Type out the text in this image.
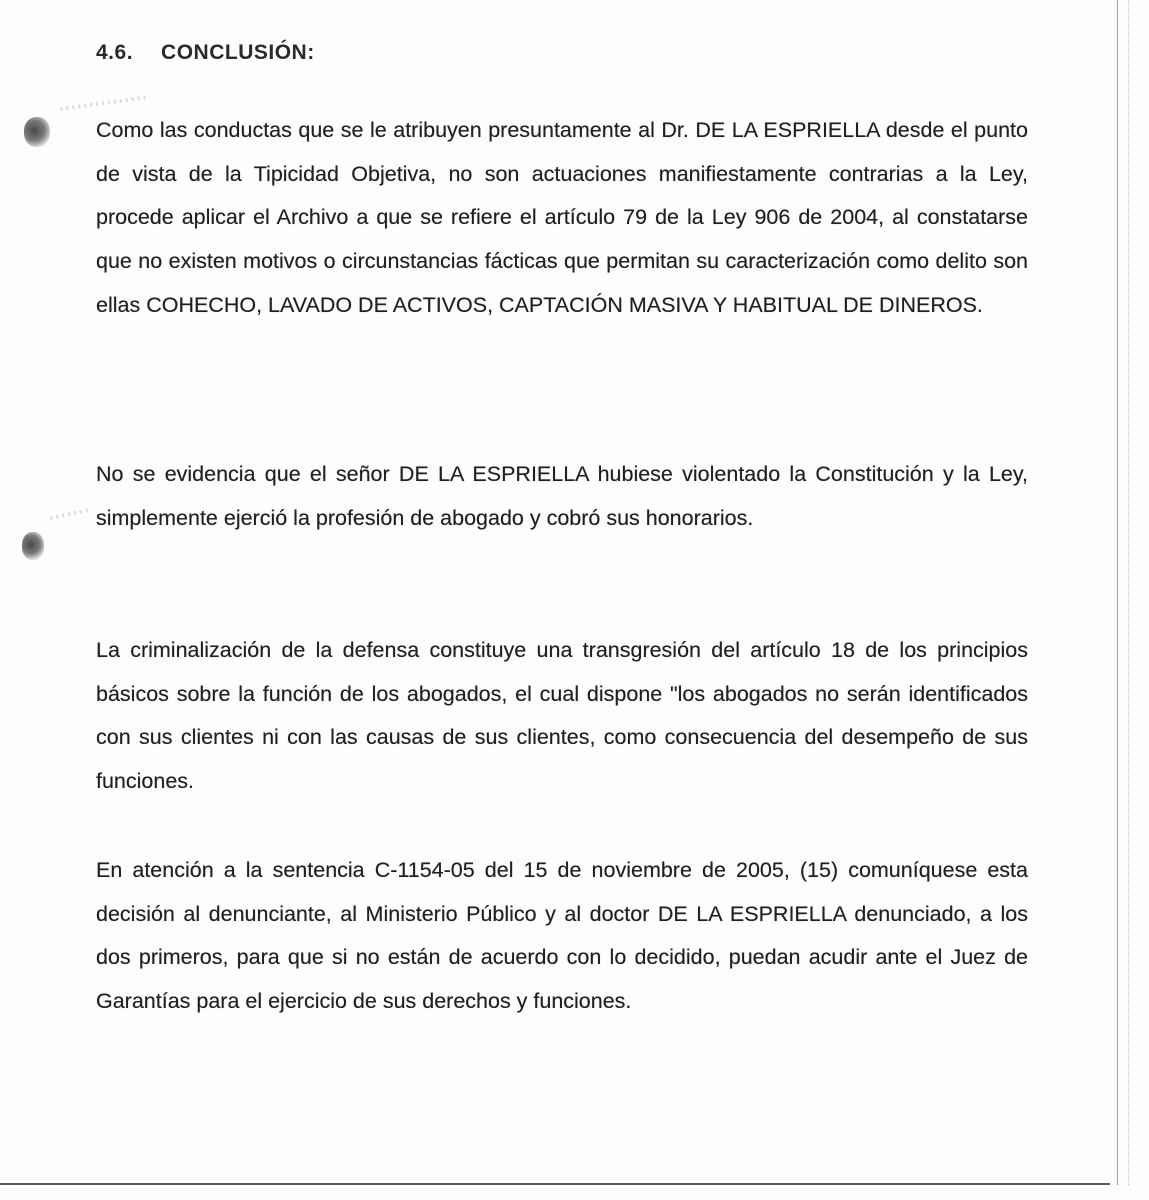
4.6. CONCLUSIÓN:

Como las conductas que se le atribuyen presuntamente al Dr. DE LA ESPRIELLA desde el punto de vista de la Tipicidad Objetiva, no son actuaciones manifiestamente contrarias a la Ley, procede aplicar el Archivo a que se refiere el artículo 79 de la Ley 906 de 2004, al constatarse que no existen motivos o circunstancias fácticas que permitan su caracterización como delito son ellas COHECHO, LAVADO DE ACTIVOS, CAPTACIÓN MASIVA Y HABITUAL DE DINEROS.

No se evidencia que el señor DE LA ESPRIELLA hubiese violentado la Constitución y la Ley, simplemente ejerció la profesión de abogado y cobró sus honorarios.

La criminalización de la defensa constituye una transgresión del artículo 18 de los principios básicos sobre la función de los abogados, el cual dispone "los abogados no serán identificados con sus clientes ni con las causas de sus clientes, como consecuencia del desempeño de sus funciones.

En atención a la sentencia C-1154-05 del 15 de noviembre de 2005, (15) comuníquese esta decisión al denunciante, al Ministerio Público y al doctor DE LA ESPRIELLA denunciado, a los dos primeros, para que si no están de acuerdo con lo decidido, puedan acudir ante el Juez de Garantías para el ejercicio de sus derechos y funciones.
